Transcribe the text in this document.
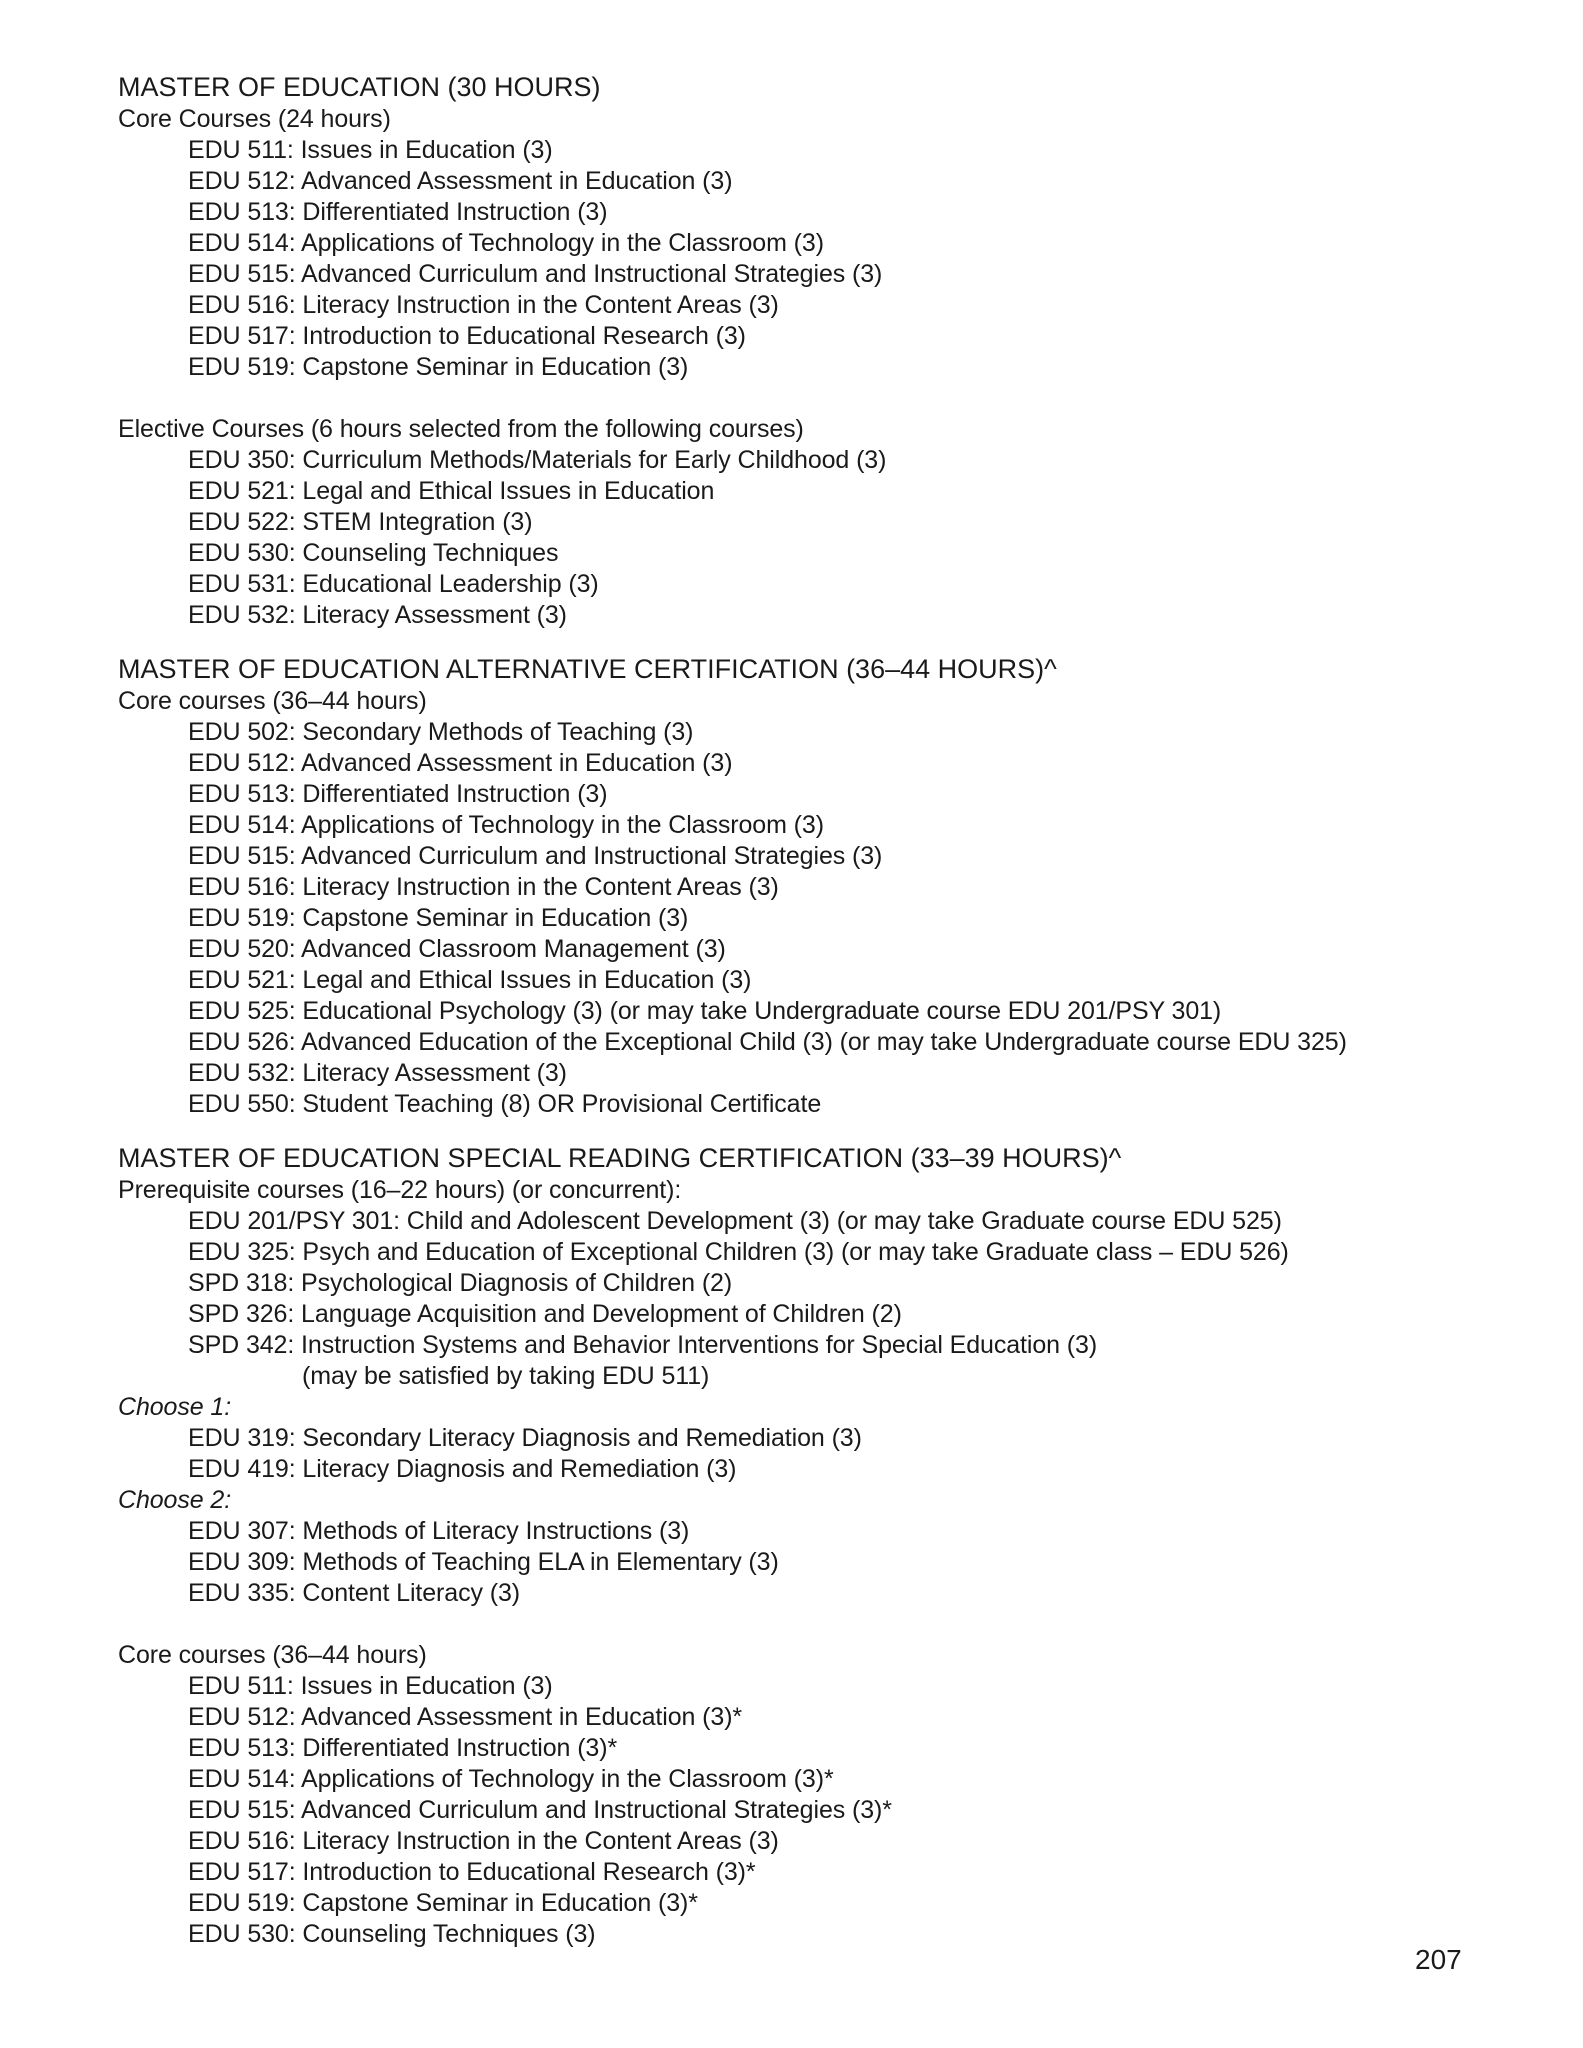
MASTER OF EDUCATION (30 HOURS)
Core Courses (24 hours)
EDU 511: Issues in Education (3)
EDU 512: Advanced Assessment in Education (3)
EDU 513: Differentiated Instruction (3)
EDU 514: Applications of Technology in the Classroom (3)
EDU 515: Advanced Curriculum and Instructional Strategies (3)
EDU 516: Literacy Instruction in the Content Areas (3)
EDU 517: Introduction to Educational Research (3)
EDU 519: Capstone Seminar in Education (3)
Elective Courses (6 hours selected from the following courses)
EDU 350: Curriculum Methods/Materials for Early Childhood (3)
EDU 521: Legal and Ethical Issues in Education
EDU 522: STEM Integration (3)
EDU 530: Counseling Techniques
EDU 531: Educational Leadership (3)
EDU 532: Literacy Assessment (3)
MASTER OF EDUCATION ALTERNATIVE CERTIFICATION (36–44 HOURS)^
Core courses (36–44 hours)
EDU 502: Secondary Methods of Teaching (3)
EDU 512: Advanced Assessment in Education (3)
EDU 513: Differentiated Instruction (3)
EDU 514: Applications of Technology in the Classroom (3)
EDU 515: Advanced Curriculum and Instructional Strategies (3)
EDU 516: Literacy Instruction in the Content Areas (3)
EDU 519: Capstone Seminar in Education (3)
EDU 520: Advanced Classroom Management (3)
EDU 521: Legal and Ethical Issues in Education (3)
EDU 525: Educational Psychology (3) (or may take Undergraduate course EDU 201/PSY 301)
EDU 526: Advanced Education of the Exceptional Child (3) (or may take Undergraduate course EDU 325)
EDU 532: Literacy Assessment (3)
EDU 550: Student Teaching (8) OR Provisional Certificate
MASTER OF EDUCATION SPECIAL READING CERTIFICATION (33–39 HOURS)^
Prerequisite courses (16–22 hours) (or concurrent):
EDU 201/PSY 301: Child and Adolescent Development (3) (or may take Graduate course EDU 525)
EDU 325: Psych and Education of Exceptional Children (3) (or may take Graduate class – EDU 526)
SPD 318: Psychological Diagnosis of Children (2)
SPD 326: Language Acquisition and Development of Children (2)
SPD 342: Instruction Systems and Behavior Interventions for Special Education (3)
(may be satisfied by taking EDU 511)
Choose 1:
EDU 319: Secondary Literacy Diagnosis and Remediation (3)
EDU 419: Literacy Diagnosis and Remediation (3)
Choose 2:
EDU 307: Methods of Literacy Instructions (3)
EDU 309: Methods of Teaching ELA in Elementary (3)
EDU 335: Content Literacy (3)
Core courses (36–44 hours)
EDU 511: Issues in Education (3)
EDU 512: Advanced Assessment in Education (3)*
EDU 513: Differentiated Instruction (3)*
EDU 514: Applications of Technology in the Classroom (3)*
EDU 515: Advanced Curriculum and Instructional Strategies (3)*
EDU 516: Literacy Instruction in the Content Areas (3)
EDU 517: Introduction to Educational Research (3)*
EDU 519: Capstone Seminar in Education (3)*
EDU 530: Counseling Techniques (3)
207
